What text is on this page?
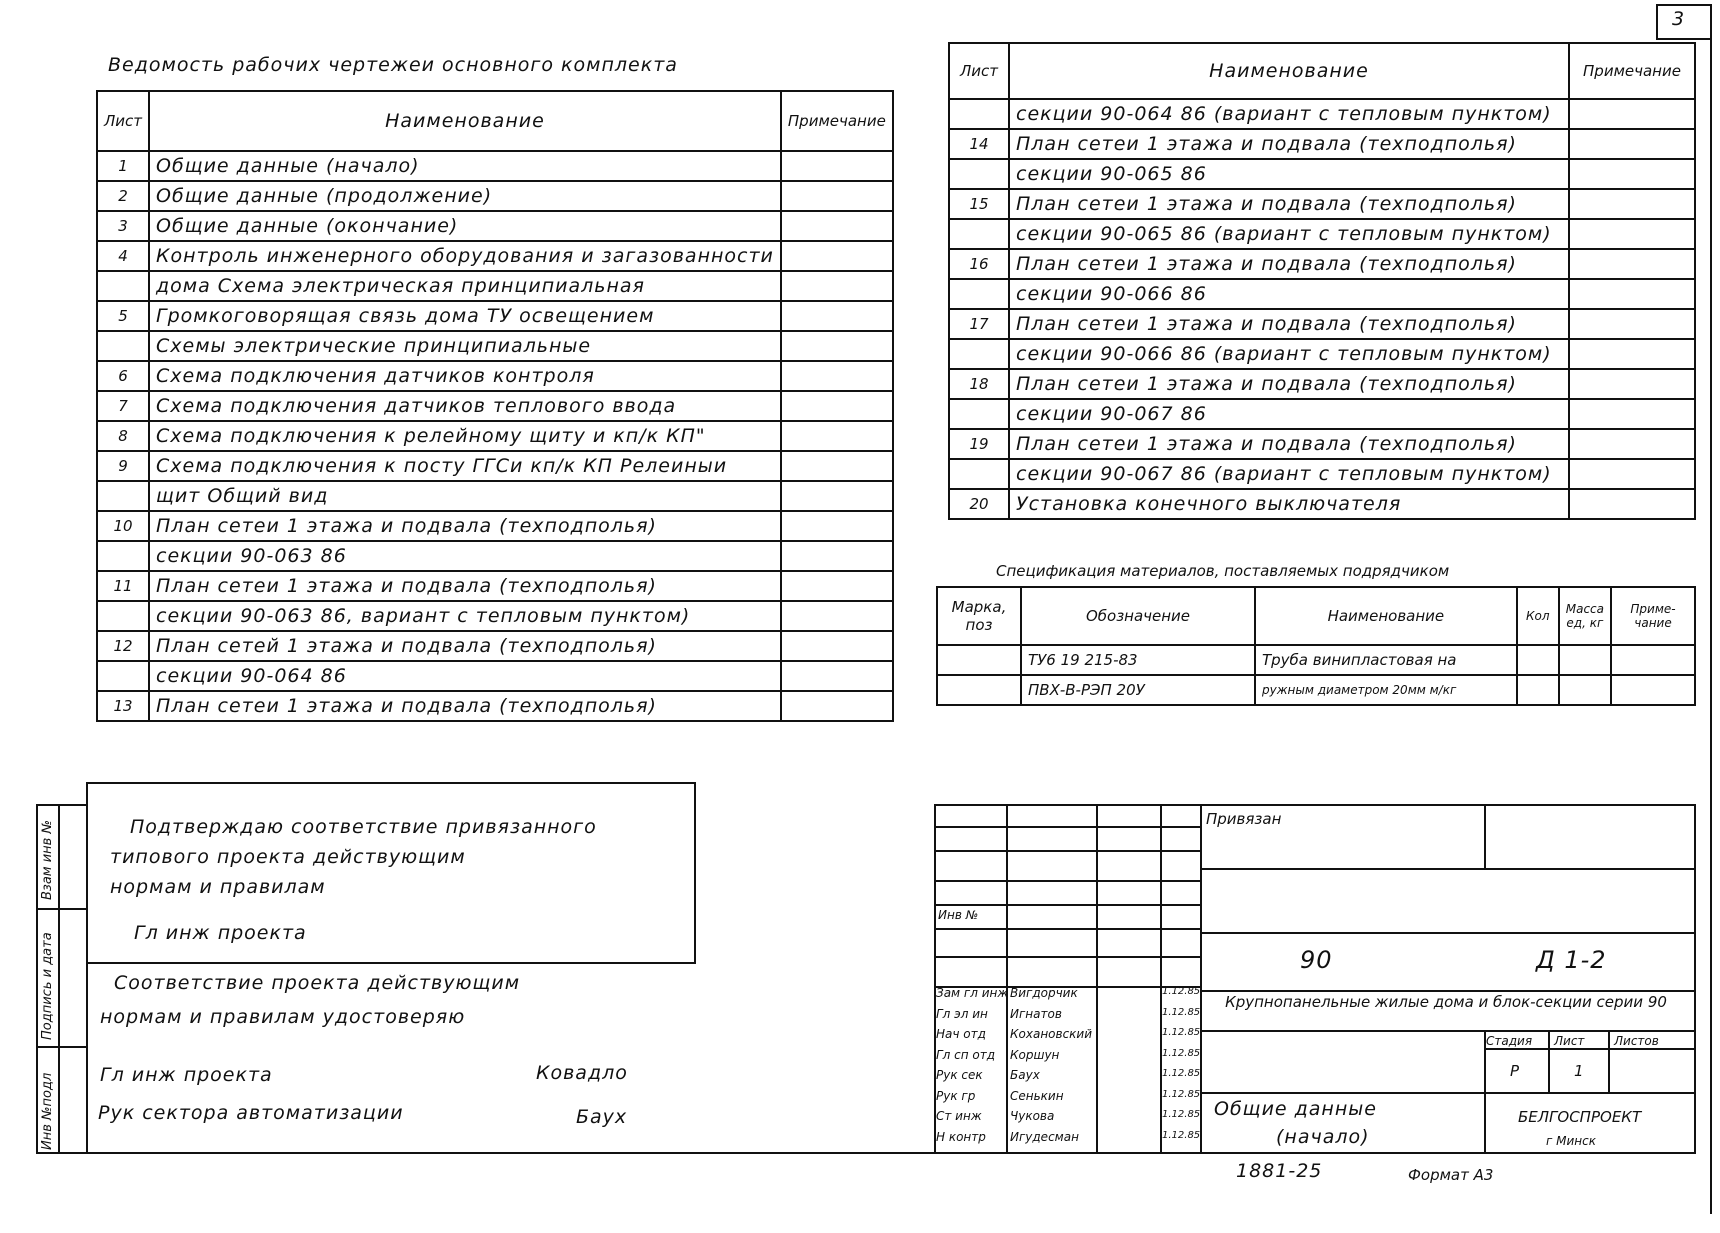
3
Ведомость рабочих чертежеи основного комплекта
Лист	Наименование	Примечание
1	Общие данные (начало)	
2	Общие данные (продолжение)	
3	Общие данные (окончание)	
4	Контроль инженерного оборудования и загазованности	
	дома Схема электрическая принципиальная	
5	Громкоговорящая связь дома ТУ освещением	
	Схемы электрические принципиальные	
6	Схема подключения датчиков контроля	
7	Схема подключения датчиков теплового ввода	
8	Схема подключения к релейному щиту и кп/к КП"	
9	Схема подключения к посту ГГСи кп/к КП Релеиныи	
	щит Общий вид	
10	План сетеи 1 этажа и подвала (техподполья)	
	секции 90-063 86	
11	План сетеи 1 этажа и подвала (техподполья)	
	секции 90-063 86, вариант с тепловым пунктом)	
12	План сетей 1 этажа и подвала (техподполья)	
	секции 90-064 86	
13	План сетеи 1 этажа и подвала (техподполья)	
Лист	Наименование	Примечание
	секции 90-064 86 (вариант с тепловым пунктом)	
14	План сетеи 1 этажа и подвала (техподполья)	
	секции 90-065 86	
15	План сетеи 1 этажа и подвала (техподполья)	
	секции 90-065 86 (вариант с тепловым пунктом)	
16	План сетеи 1 этажа и подвала (техподполья)	
	секции 90-066 86	
17	План сетеи 1 этажа и подвала (техподполья)	
	секции 90-066 86 (вариант с тепловым пунктом)	
18	План сетеи 1 этажа и подвала (техподполья)	
	секции 90-067 86	
19	План сетеи 1 этажа и подвала (техподполья)	
	секции 90-067 86 (вариант с тепловым пунктом)	
20	Установка конечного выключателя	
Спецификация материалов, поставляемых подрядчиком
Марка, поз	Обозначение	Наименование	Кол	Масса ед, кг	Приме-чание
	ТУ6 19 215-83	Труба винипластовая на			
	ПВХ-В-РЭП 20У	ружным диаметром 20мм м/кг			
Подтверждаю соответствие привязанного
типового проекта действующим
нормам и правилам
Гл инж проекта
Соответствие проекта действующим
нормам и правилам удостоверяю
Гл инж проекта	Ковадло
Рук сектора автоматизации	Баух
Взам инв №
Подпись и дата
Инв №подл
Привязан
Инв №
90	Д 1-2
Крупнопанельные жилые дома и блок-секции серии 90
Стадия Лист Листов
Р	1
Общие данные
(начало)
БЕЛГОСПРОЕКТ
г Минск
Зам гл инж Вигдорчик	1.12.85
Гл эл ин Игнатов	1.12.85
Нач отд Кохановский	1.12.85
Гл сп отд Коршун	1.12.85
Рук сек Баух	1.12.85
Рук гр	Сенькин	1.12.85
Ст инж Чукова	1.12.85
Н контр Игудесман	1.12.85
1881-25	Формат А3
